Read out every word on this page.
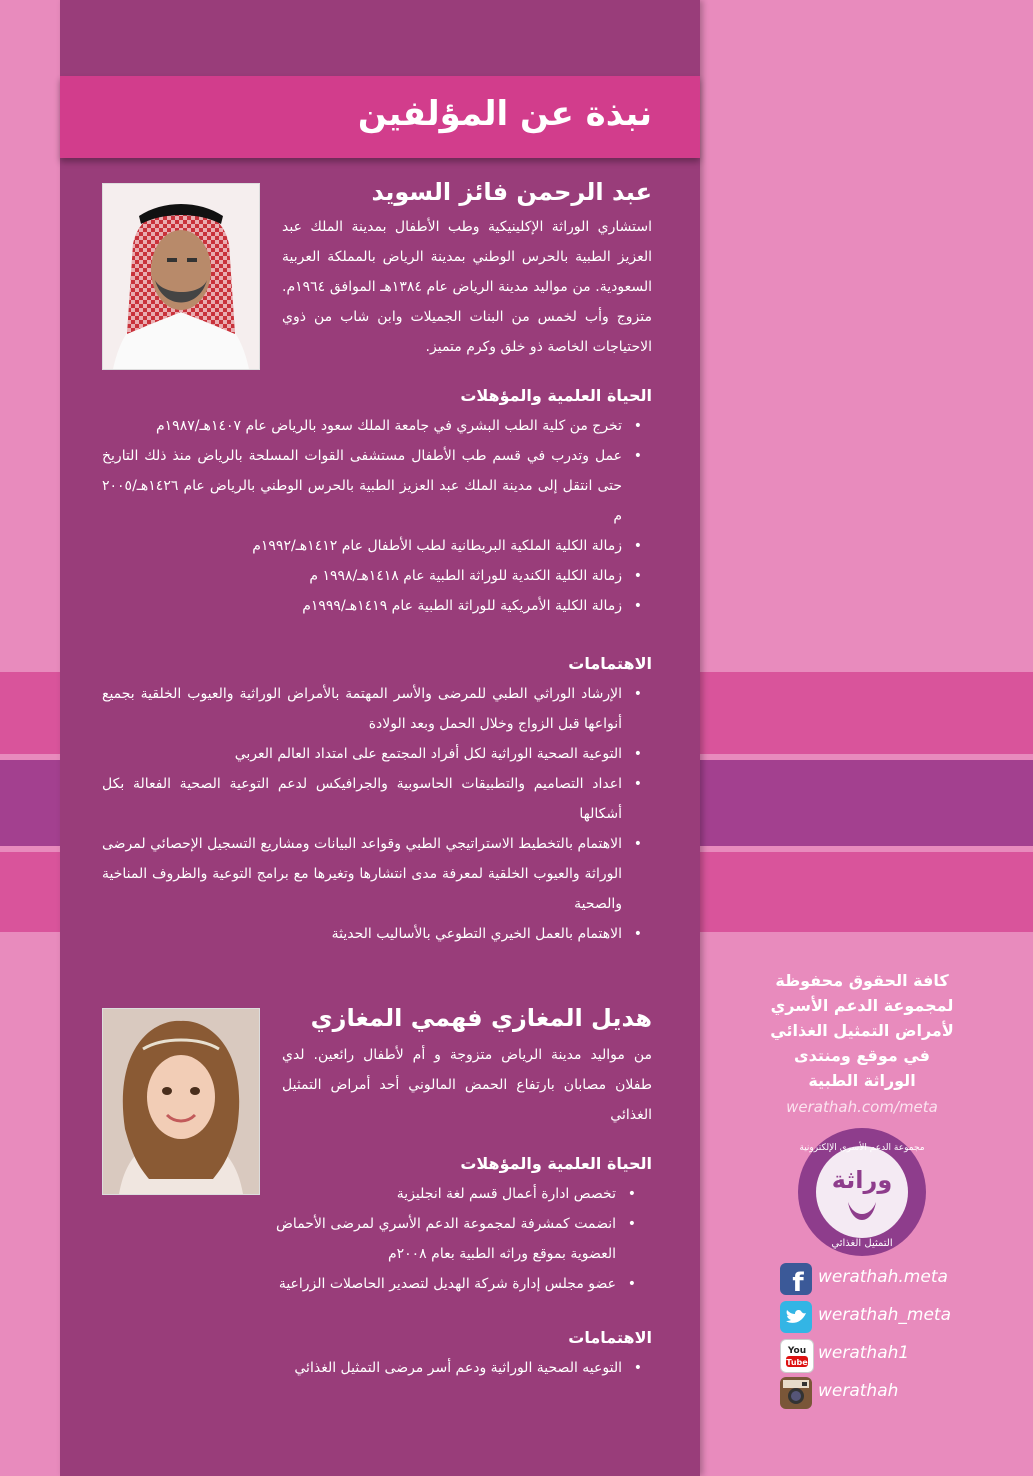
نبذة عن المؤلفين

عبد الرحمن فائز السويد

استشاري الوراثة الإكلينيكية وطب الأطفال بمدينة الملك عبد العزيز الطبية بالحرس الوطني بمدينة الرياض بالمملكة العربية السعودية. من مواليد مدينة الرياض عام ١٣٨٤هـ الموافق ١٩٦٤م. متزوج وأب لخمس من البنات الجميلات وابن شاب من ذوي الاحتياجات الخاصة ذو خلق وكرم متميز.

الحياة العلمية والمؤهلات

• تخرج من كلية الطب البشري في جامعة الملك سعود بالرياض عام ١٤٠٧هـ/١٩٨٧م
• عمل وتدرب في قسم طب الأطفال مستشفى القوات المسلحة بالرياض منذ ذلك التاريخ حتى انتقل إلى مدينة الملك عبد العزيز الطبية بالحرس الوطني بالرياض عام ١٤٢٦هـ/٢٠٠٥ م
• زمالة الكلية الملكية البريطانية لطب الأطفال عام ١٤١٢هـ/١٩٩٢م
• زمالة الكلية الكندية للوراثة الطبية عام ١٤١٨هـ/١٩٩٨ م
• زمالة الكلية الأمريكية للوراثة الطبية عام ١٤١٩هـ/١٩٩٩م

الاهتمامات

• الإرشاد الوراثي الطبي للمرضى والأسر المهتمة بالأمراض الوراثية والعيوب الخلقية بجميع أنواعها قبل الزواج وخلال الحمل وبعد الولادة
• التوعية الصحية الوراثية لكل أفراد المجتمع على امتداد العالم العربي
• اعداد التصاميم والتطبيقات الحاسوبية والجرافيكس لدعم التوعية الصحية الفعالة بكل أشكالها
• الاهتمام بالتخطيط الاستراتيجي الطبي وقواعد البيانات ومشاريع التسجيل الإحصائي لمرضى الوراثة والعيوب الخلقية لمعرفة مدى انتشارها وتغيرها مع برامج التوعية والظروف المناخية والصحية
• الاهتمام بالعمل الخيري التطوعي بالأساليب الحديثة

هديل المغازي فهمي المغازي

من مواليد مدينة الرياض متزوجة و أم لأطفال رائعين. لدي طفلان مصابان بارتفاع الحمض المالوني أحد أمراض التمثيل الغذائي

الحياة العلمية والمؤهلات

• تخصص ادارة أعمال قسم لغة انجليزية
• انضمت كمشرفة لمجموعة الدعم الأسري لمرضى الأحماض العضوية بموقع وراثه الطبية بعام ٢٠٠٨م
• عضو مجلس إدارة شركة الهديل لتصدير الحاصلات الزراعية

الاهتمامات

• التوعيه الصحية الوراثية ودعم أسر مرضى التمثيل الغذائي

كافة الحقوق محفوظة

لمجموعة الدعم الأسري

لأمراض التمثيل الغذائي

في موقع ومنتدى

الوراثة الطبية

werathah.com/meta

وراثة
مجموعة الدعم الأسري الإلكترونية
التمثيل الغذائي
f werathah.meta
werathah_meta
You
Tube werathah1
werathah
